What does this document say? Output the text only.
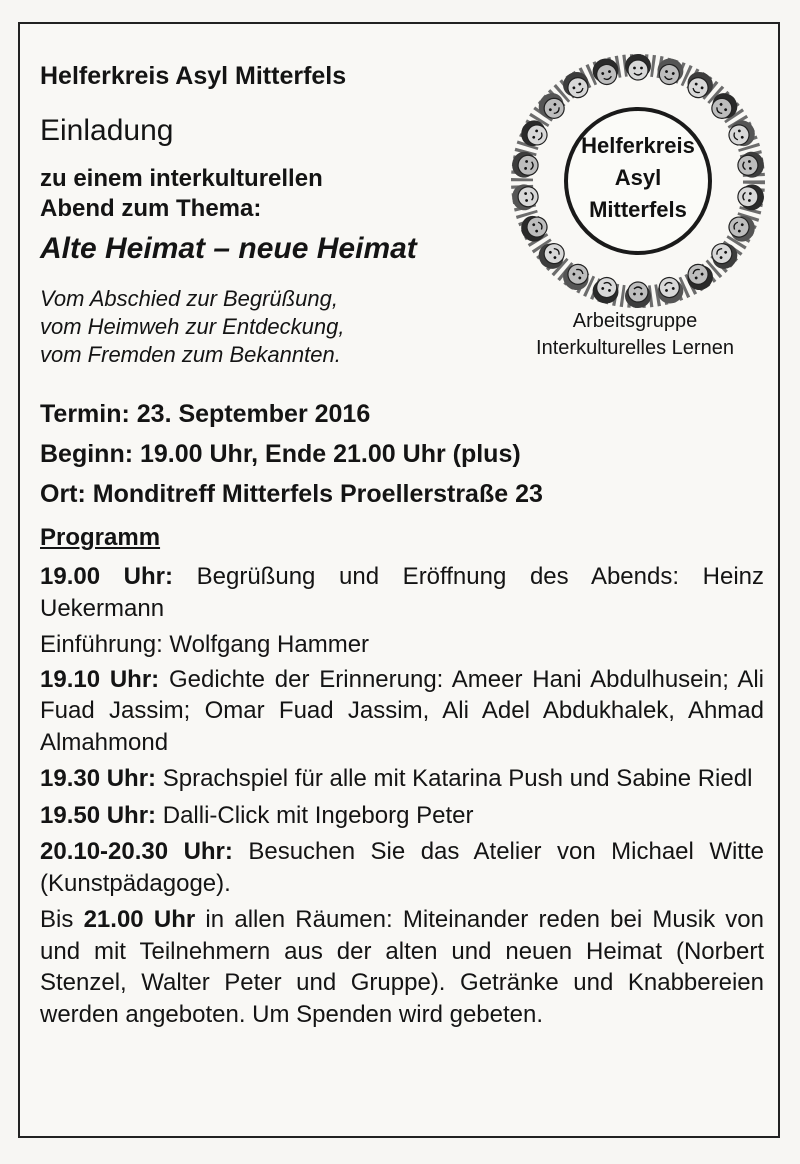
Helferkreis Asyl Mitterfels
Einladung
zu einem interkulturellen
Abend zum Thema:
Alte Heimat – neue Heimat
Vom Abschied zur Begrüßung,
vom Heimweh zur Entdeckung,
vom Fremden zum Bekannten.
Helferkreis
Asyl
Mitterfels
Arbeitsgruppe
Interkulturelles Lernen
Termin: 23. September 2016
Beginn: 19.00 Uhr, Ende 21.00 Uhr (plus)
Ort: Monditreff Mitterfels Proellerstraße 23
Programm
19.00 Uhr: Begrüßung und Eröffnung des Abends: Heinz Uekermann
Einführung: Wolfgang Hammer
19.10 Uhr: Gedichte der Erinnerung: Ameer Hani Abdulhusein; Ali Fuad Jassim; Omar Fuad Jassim, Ali Adel Abdukhalek, Ahmad Almahmond
19.30 Uhr: Sprachspiel für alle mit Katarina Push und Sabine Riedl
19.50 Uhr: Dalli-Click mit Ingeborg Peter
20.10-20.30 Uhr: Besuchen Sie das Atelier von Michael Witte (Kunstpädagoge).
Bis 21.00 Uhr in allen Räumen: Miteinander reden bei Musik von und mit Teilnehmern aus der alten und neuen Heimat (Norbert Stenzel, Walter Peter und Gruppe). Getränke und Knabbereien werden angeboten. Um Spenden wird gebeten.
